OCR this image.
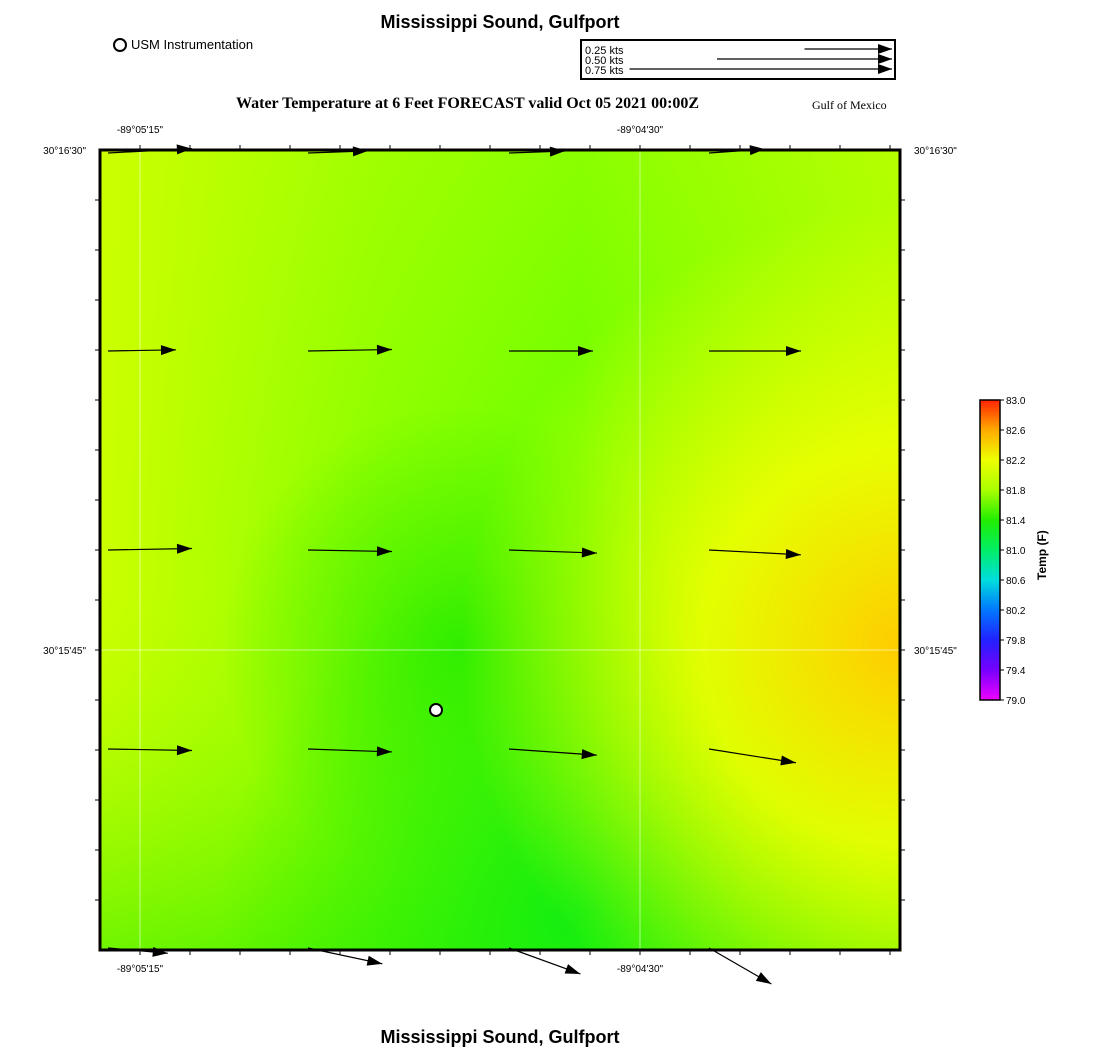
Mississippi Sound, Gulfport
USM Instrumentation
Water Temperature at 6 Feet FORECAST valid Oct 05 2021 00:00Z	Gulf of Mexico
0.25 kts
0.50 kts
0.75 kts
-89°05'15"	-89°04'30"
-89°05'15"	-89°04'30"
30°16'30"
30°15'45"
30°16'30"
30°15'45"
83.0
82.6
82.2
81.8
81.4
81.0
80.6
80.2
79.8
79.4
79.0
Temp (F)
Mississippi Sound, Gulfport
